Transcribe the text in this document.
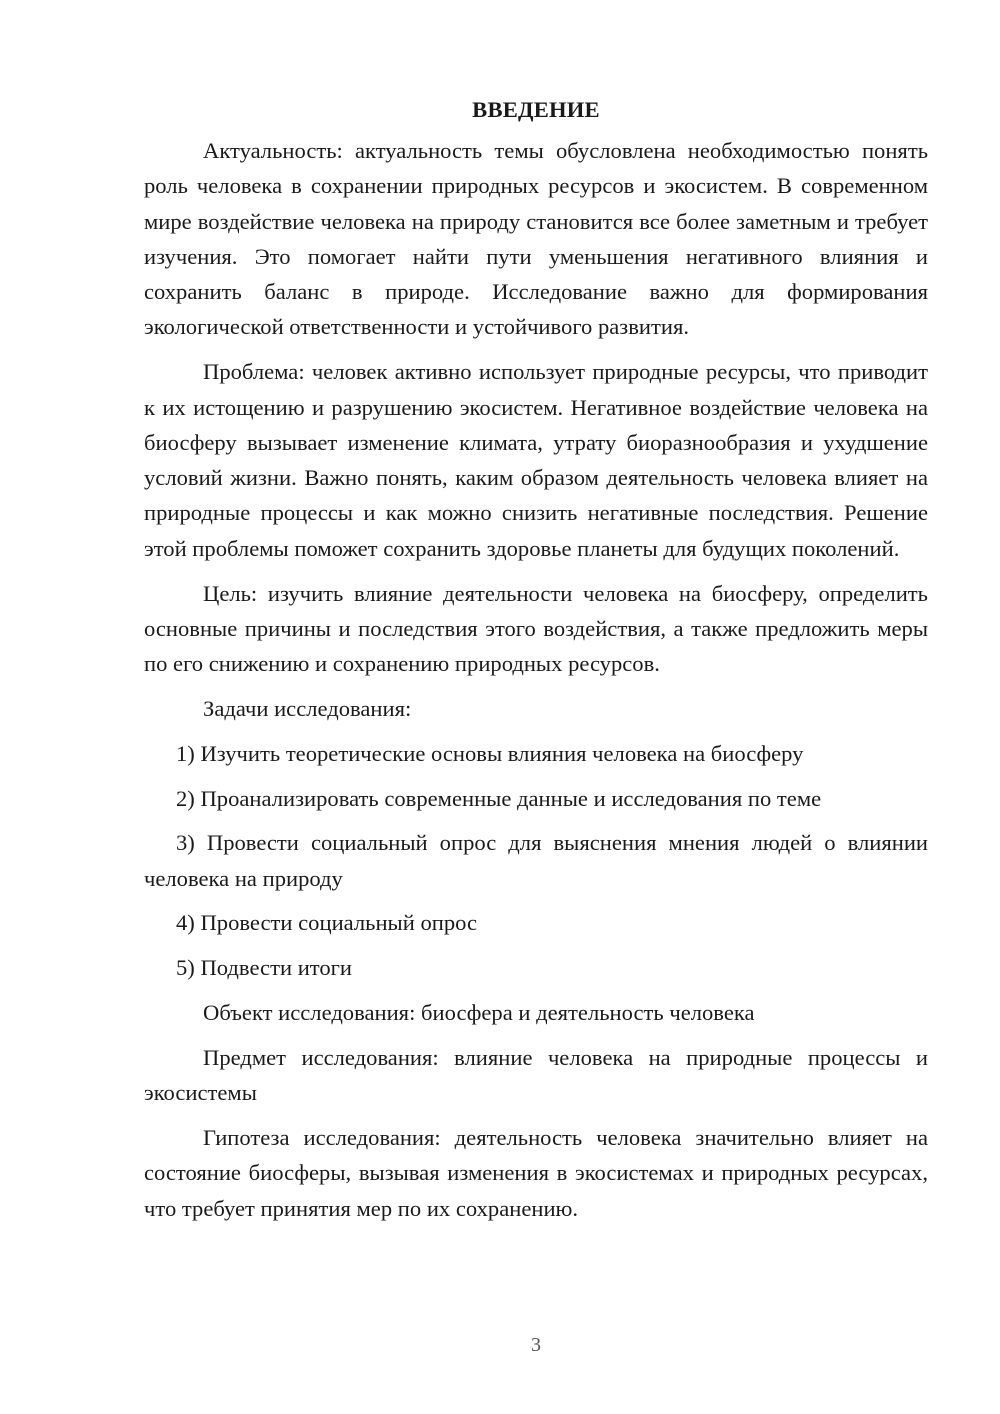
ВВЕДЕНИЕ

Актуальность: актуальность темы обусловлена необходимостью понять роль человека в сохранении природных ресурсов и экосистем. В современном мире воздействие человека на природу становится все более заметным и требует изучения. Это помогает найти пути уменьшения негативного влияния и сохранить баланс в природе. Исследование важно для формирования экологической ответственности и устойчивого развития.

Проблема: человек активно использует природные ресурсы, что приводит к их истощению и разрушению экосистем. Негативное воздействие человека на биосферу вызывает изменение климата, утрату биоразнообразия и ухудшение условий жизни. Важно понять, каким образом деятельность человека влияет на природные процессы и как можно снизить негативные последствия. Решение этой проблемы поможет сохранить здоровье планеты для будущих поколений.

Цель: изучить влияние деятельности человека на биосферу, определить основные причины и последствия этого воздействия, а также предложить меры по его снижению и сохранению природных ресурсов.

Задачи исследования:

1) Изучить теоретические основы влияния человека на биосферу

2) Проанализировать современные данные и исследования по теме

3) Провести социальный опрос для выяснения мнения людей о влиянии человека на природу

4) Провести социальный опрос

5) Подвести итоги

Объект исследования: биосфера и деятельность человека

Предмет исследования: влияние человека на природные процессы и экосистемы

Гипотеза исследования: деятельность человека значительно влияет на состояние биосферы, вызывая изменения в экосистемах и природных ресурсах, что требует принятия мер по их сохранению.

3
